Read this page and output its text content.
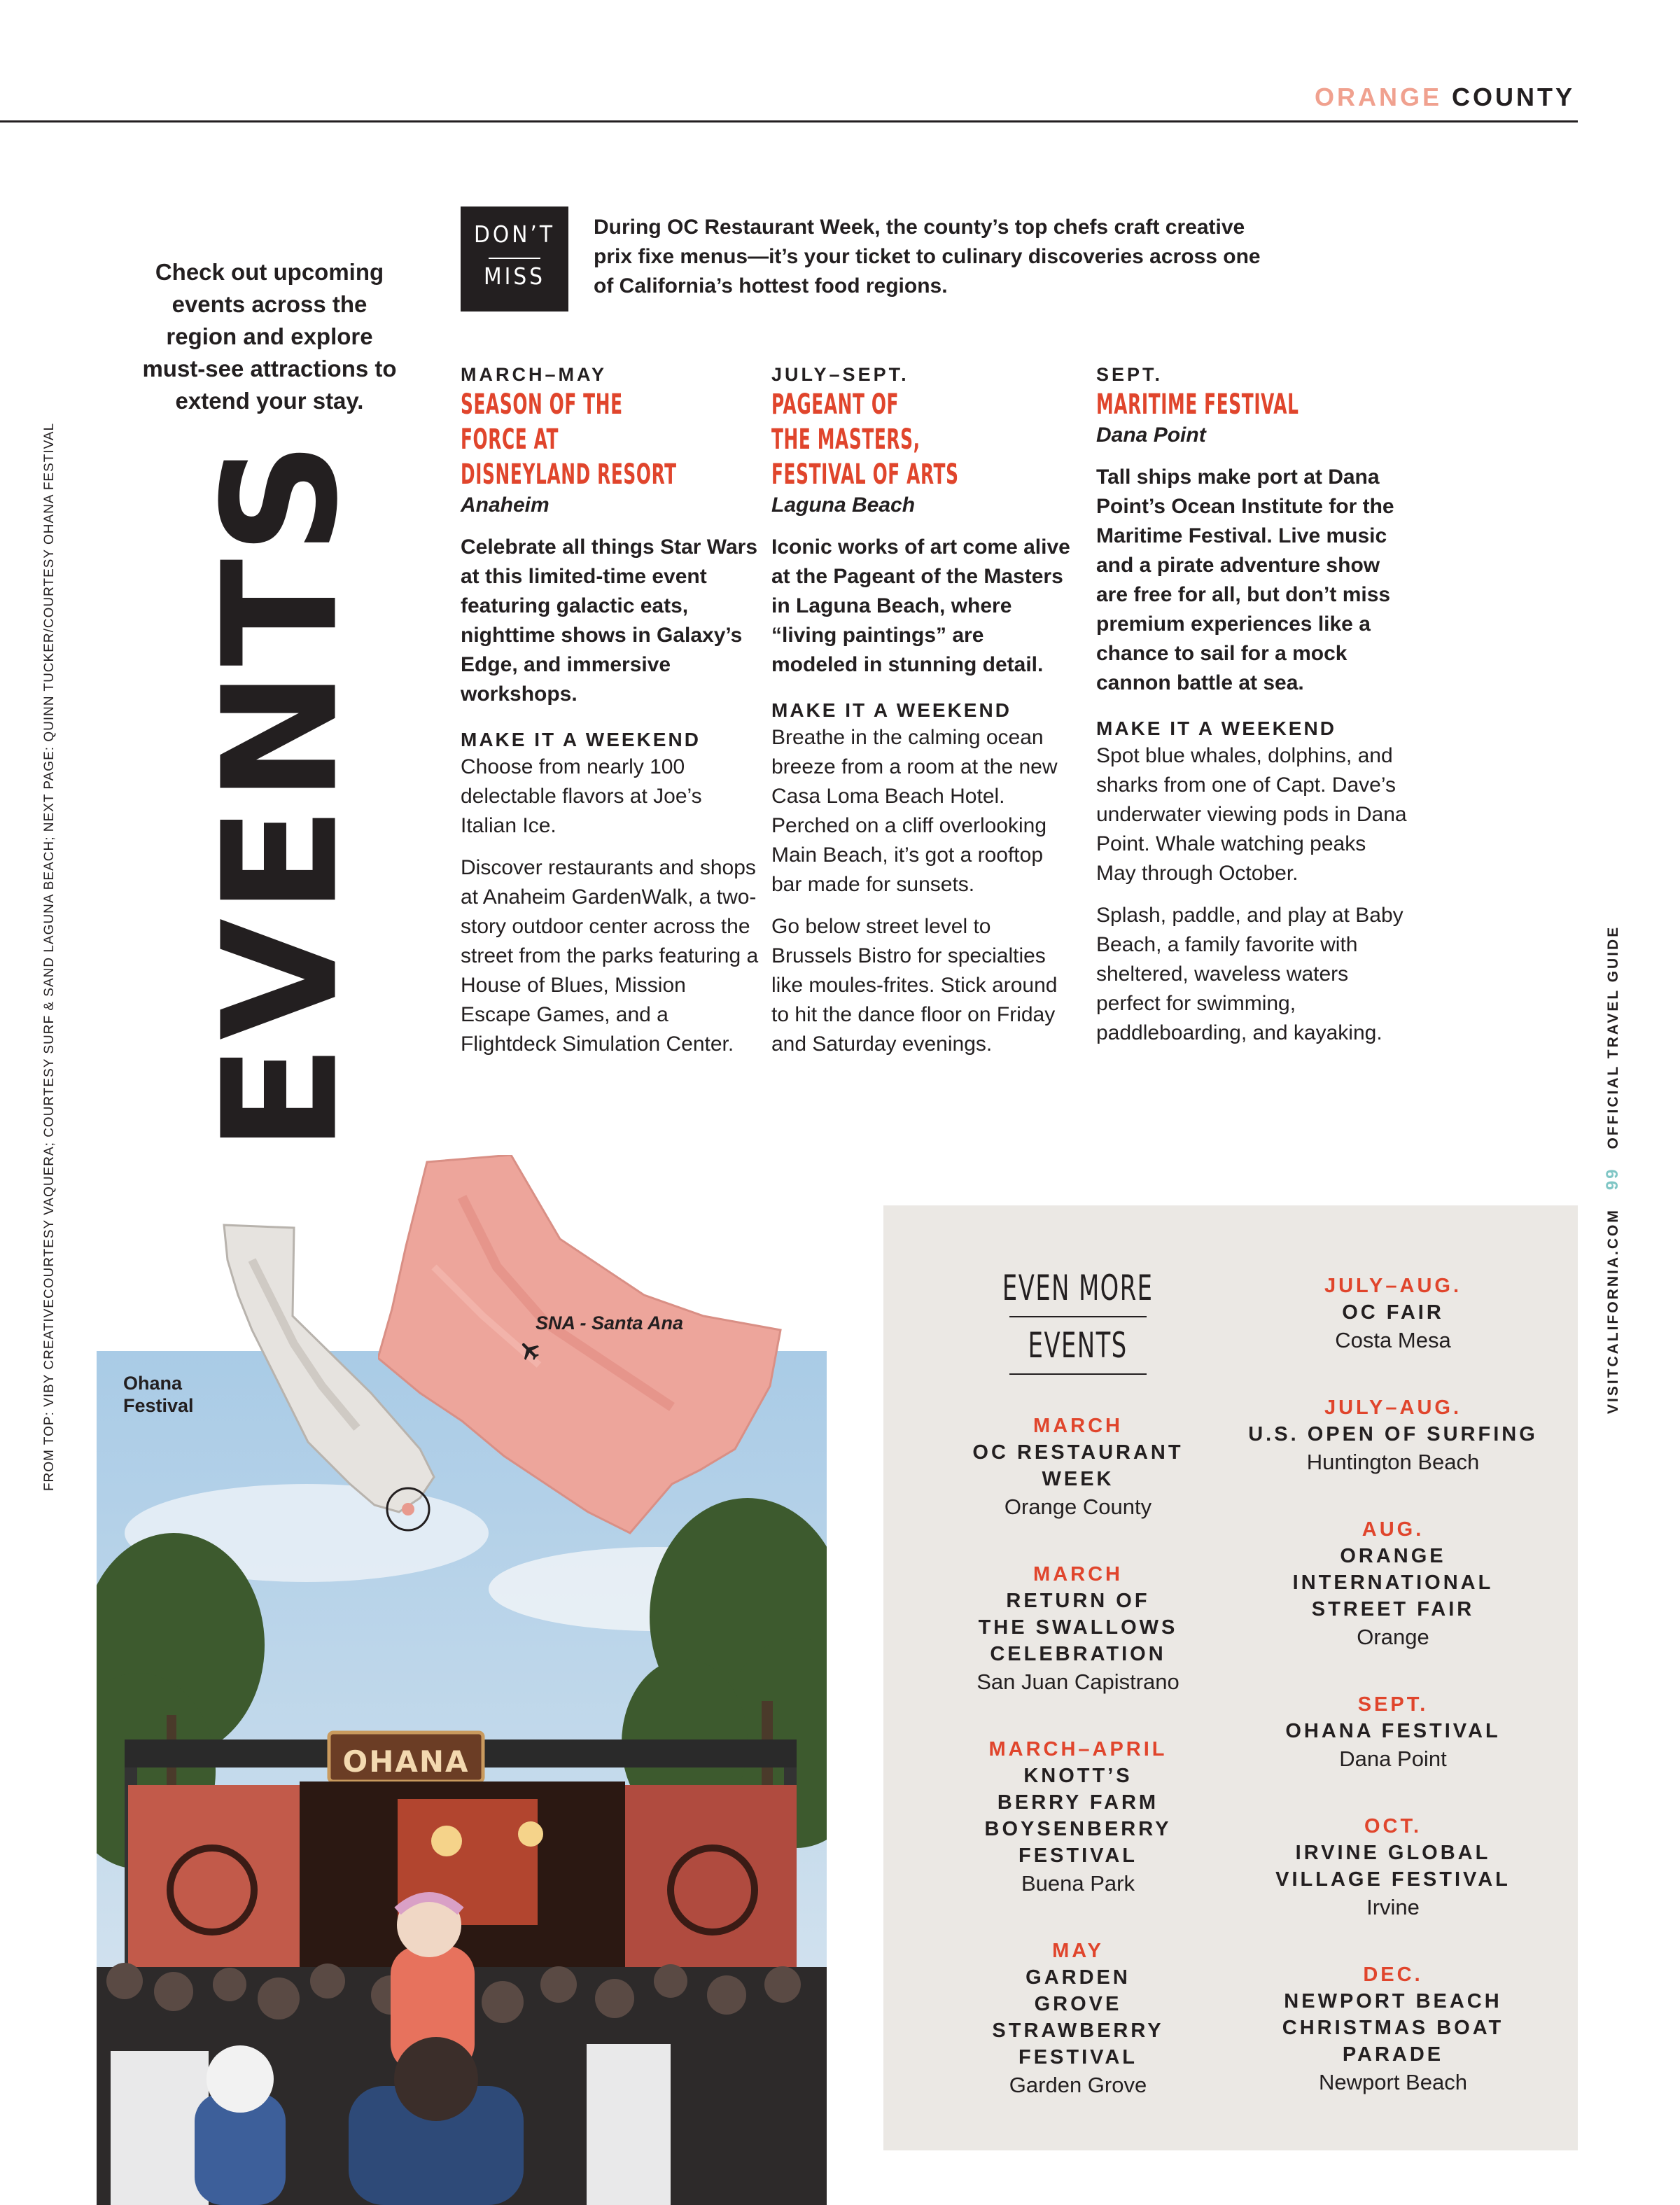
ORANGE COUNTY
Check out upcoming events across the region and explore must-see attractions to extend your stay.
EVENTS
DON’T
MISS
During OC Restaurant Week, the county’s top chefs craft creative prix fixe menus—it’s your ticket to culinary discoveries across one of California’s hottest food regions.
MARCH–MAY
SEASON OF THE
FORCE AT
DISNEYLAND RESORT
Anaheim
Celebrate all things Star Wars at this limited-time event featuring galactic eats, nighttime shows in Galaxy’s Edge, and immersive workshops.
MAKE IT A WEEKEND
Choose from nearly 100 delectable flavors at Joe’s Italian Ice.
Discover restaurants and shops at Anaheim GardenWalk, a two-story outdoor center across the street from the parks featuring a House of Blues, Mission Escape Games, and a Flightdeck Simulation Center.
JULY–SEPT.
PAGEANT OF
THE MASTERS,
FESTIVAL OF ARTS
Laguna Beach
Iconic works of art come alive at the Pageant of the Masters in Laguna Beach, where “living paintings” are modeled in stunning detail.
MAKE IT A WEEKEND
Breathe in the calming ocean breeze from a room at the new Casa Loma Beach Hotel. Perched on a cliff overlooking Main Beach, it’s got a rooftop bar made for sunsets.
Go below street level to Brussels Bistro for specialties like moules-frites. Stick around to hit the dance floor on Friday and Saturday evenings.
SEPT.
MARITIME FESTIVAL
Dana Point
Tall ships make port at Dana Point’s Ocean Institute for the Maritime Festival. Live music and a pirate adventure show are free for all, but don’t miss premium experiences like a chance to sail for a mock cannon battle at sea.
MAKE IT A WEEKEND
Spot blue whales, dolphins, and sharks from one of Capt. Dave’s underwater viewing pods in Dana Point. Whale watching peaks May through October.
Splash, paddle, and play at Baby Beach, a family favorite with sheltered, waveless waters perfect for swimming, paddleboarding, and kayaking.
FROM TOP: VIBY CREATIVECOURTESY VAQUERA; COURTESY SURF & SAND LAGUNA BEACH; NEXT PAGE: QUINN TUCKER/COURTESY OHANA FESTIVAL	VISITCALIFORNIA.COM99OFFICIAL TRAVEL GUIDE
OHANA
SNA - Santa Ana
Ohana
Festival
EVEN MORE
EVENTS
MARCH
OC RESTAURANT
WEEK
Orange County
MARCH
RETURN OF
THE SWALLOWS
CELEBRATION
San Juan Capistrano
MARCH–APRIL
KNOTT’S
BERRY FARM
BOYSENBERRY
FESTIVAL
Buena Park
MAY
GARDEN
GROVE
STRAWBERRY
FESTIVAL
Garden Grove
JULY–AUG.
OC FAIR
Costa Mesa
JULY–AUG.
U.S. OPEN OF SURFING
Huntington Beach
AUG.
ORANGE
INTERNATIONAL
STREET FAIR
Orange
SEPT.
OHANA FESTIVAL
Dana Point
OCT.
IRVINE GLOBAL
VILLAGE FESTIVAL
Irvine
DEC.
NEWPORT BEACH
CHRISTMAS BOAT
PARADE
Newport Beach
